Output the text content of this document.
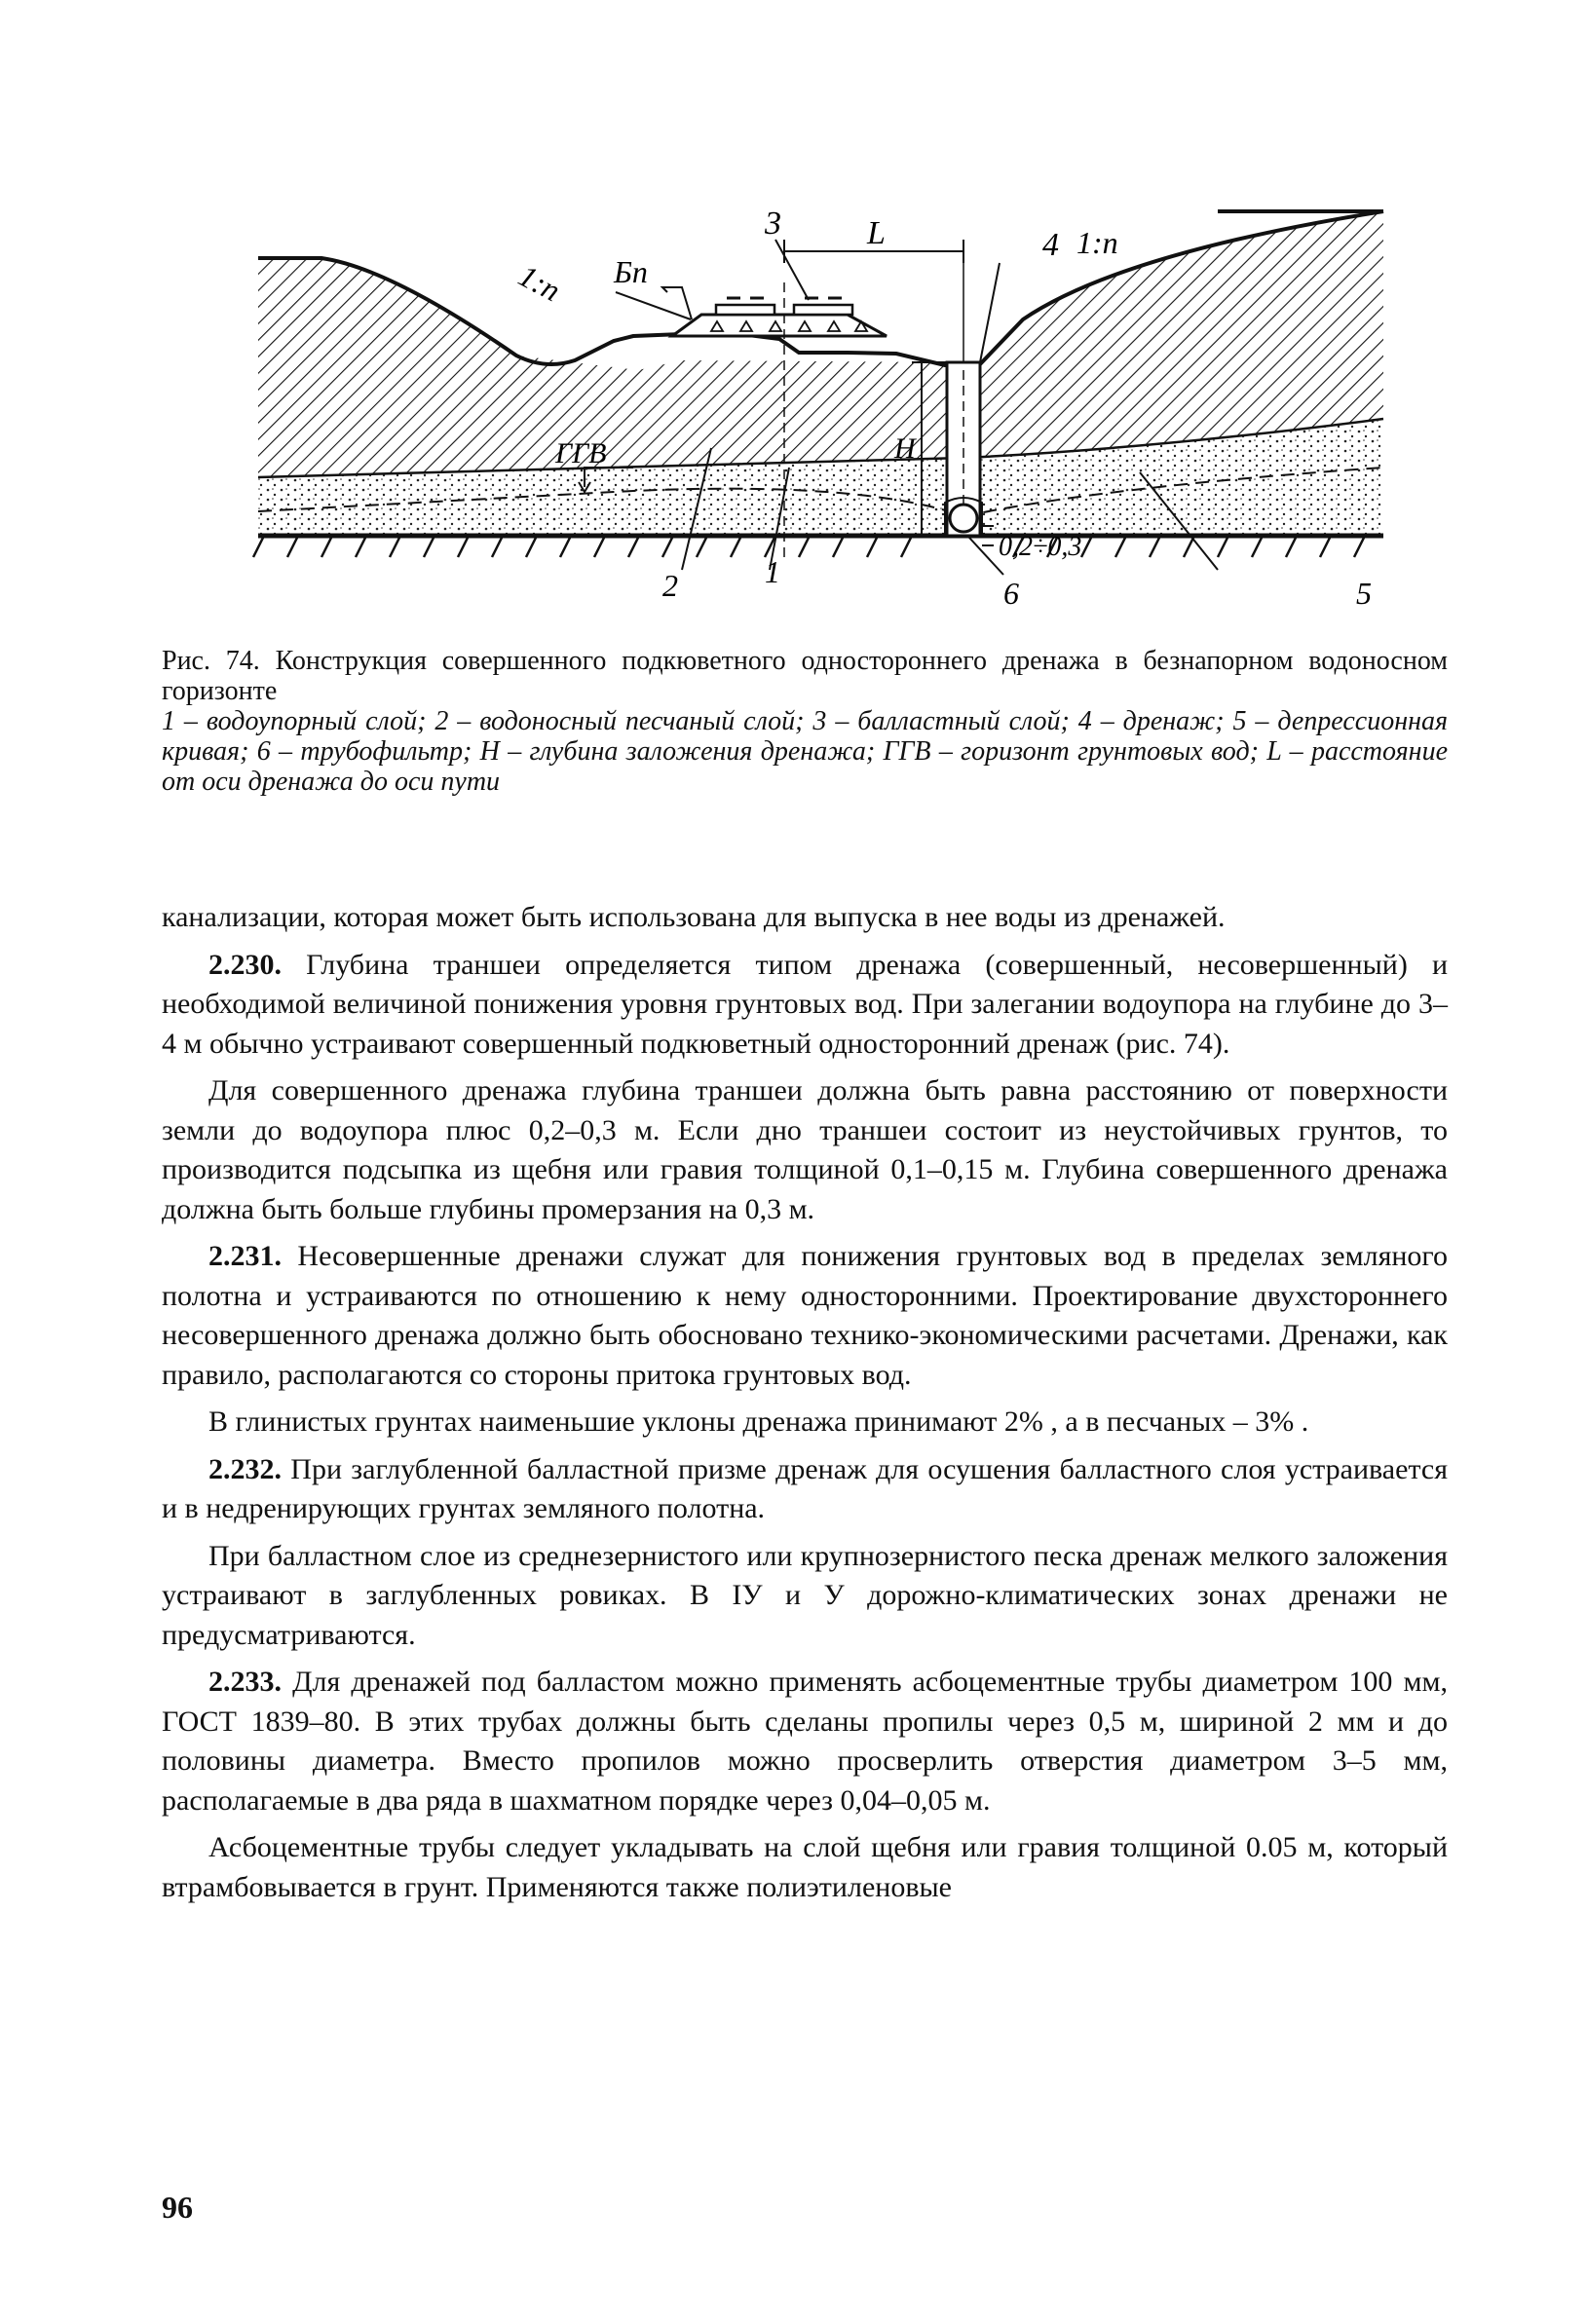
3	L	4 1:n
Бп
1:n
ГГВ	H
0,2÷0,3
2	1
6	5
Рис. 74. Конструкция совершенного подкюветного одностороннего дренажа в безнапорном водоносном горизонте
1 – водоупорный слой; 2 – водоносный песчаный слой; 3 – балластный слой; 4 – дренаж; 5 – депрессионная кривая; 6 – трубофильтр; Н – глубина заложения дренажа; ГГВ – горизонт грунтовых вод; L – расстояние от оси дренажа до оси пути

канализации, которая может быть использована для выпуска в нее воды из дренажей.

2.230. Глубина траншеи определяется типом дренажа (совершенный, несовершенный) и необходимой величиной понижения уровня грунтовых вод. При залегании водоупора на глубине до 3–4 м обычно устраивают совершенный подкюветный односторонний дренаж (рис. 74).

Для совершенного дренажа глубина траншеи должна быть равна расстоянию от поверхности земли до водоупора плюс 0,2–0,3 м. Если дно траншеи состоит из неустойчивых грунтов, то производится подсыпка из щебня или гравия толщиной 0,1–0,15 м. Глубина совершенного дренажа должна быть больше глубины промерзания на 0,3 м.

2.231. Несовершенные дренажи служат для понижения грунтовых вод в пределах земляного полотна и устраиваются по отношению к нему односторонними. Проектирование двухстороннего несовершенного дренажа должно быть обосновано технико-экономическими расчетами. Дренажи, как правило, располагаются со стороны притока грунтовых вод.

В глинистых грунтах наименьшие уклоны дренажа принимают 2% , а в песчаных – 3% .

2.232. При заглубленной балластной призме дренаж для осушения балластного слоя устраивается и в недренирующих грунтах земляного полотна.

При балластном слое из среднезернистого или крупнозернистого песка дренаж мелкого заложения устраивают в заглубленных ровиках. В ΙУ и У дорожно-климатических зонах дренажи не предусматриваются.

2.233. Для дренажей под балластом можно применять асбоцементные трубы диаметром 100 мм, ГОСТ 1839–80. В этих трубах должны быть сделаны пропилы через 0,5 м, шириной 2 мм и до половины диаметра. Вместо пропилов можно просверлить отверстия диаметром 3–5 мм, располагаемые в два ряда в шахматном порядке через 0,04–0,05 м.

Асбоцементные трубы следует укладывать на слой щебня или гравия толщиной 0.05 м, который втрамбовывается в грунт. Применяются также полиэтиленовые

96
